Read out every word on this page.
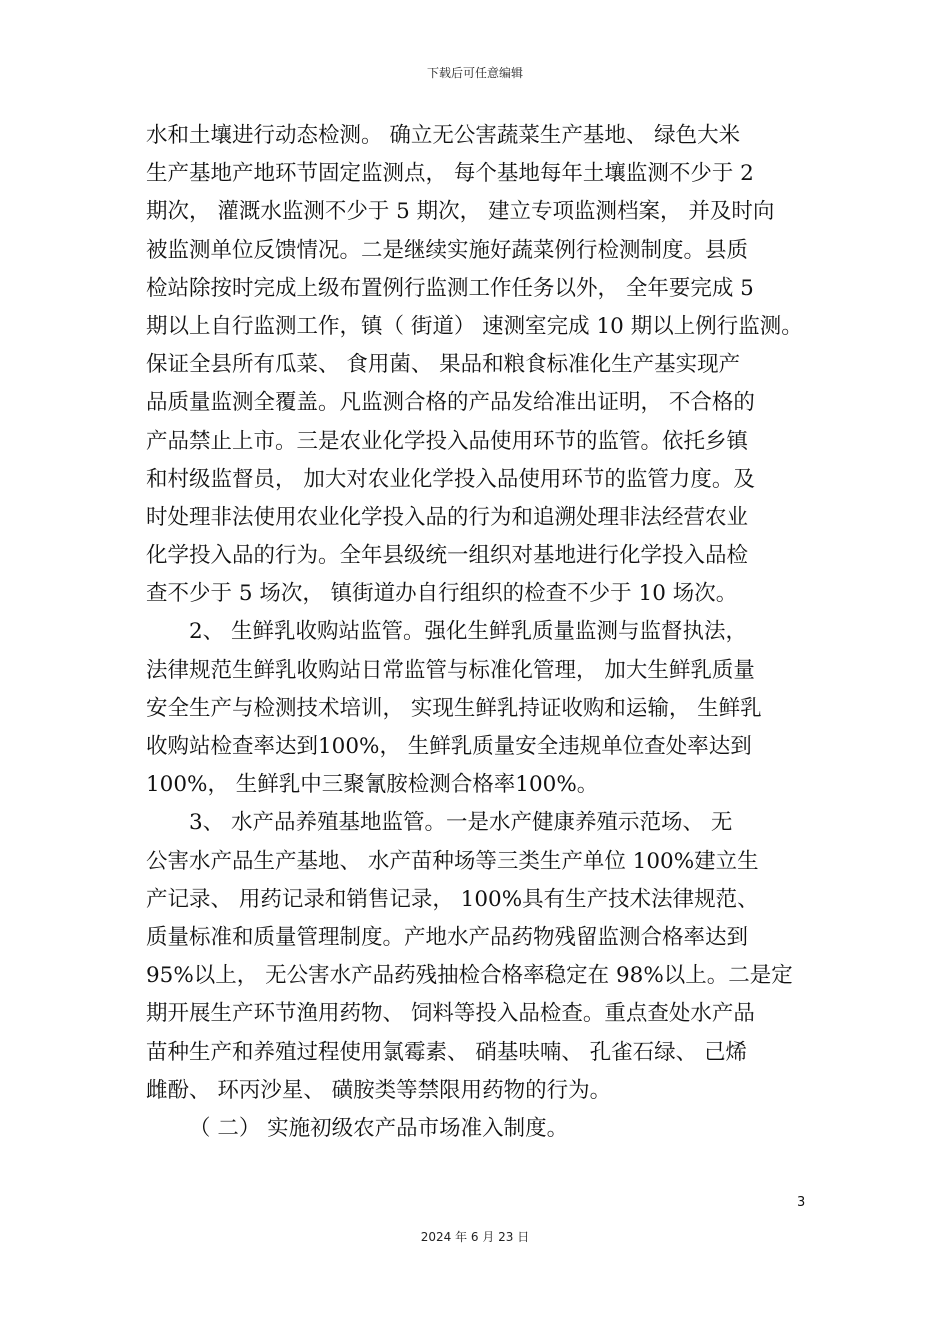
下载后可任意编辑
水和土壤进行动态检测。 确立无公害蔬菜生产基地、 绿色大米
生产基地产地环节固定监测点， 每个基地每年土壤监测不少于 2
期次， 灌溉水监测不少于 5 期次， 建立专项监测档案， 并及时向
被监测单位反馈情况。二是继续实施好蔬菜例行检测制度。县质
检站除按时完成上级布置例行监测工作任务以外， 全年要完成 5
期以上自行监测工作，镇（ 街道） 速测室完成 10 期以上例行监测。
保证全县所有瓜菜、 食用菌、 果品和粮食标准化生产基实现产
品质量监测全覆盖。凡监测合格的产品发给准出证明， 不合格的
产品禁止上市。三是农业化学投入品使用环节的监管。依托乡镇
和村级监督员， 加大对农业化学投入品使用环节的监管力度。及
时处理非法使用农业化学投入品的行为和追溯处理非法经营农业
化学投入品的行为。全年县级统一组织对基地进行化学投入品检
查不少于 5 场次， 镇街道办自行组织的检查不少于 10 场次。
2、 生鲜乳收购站监管。强化生鲜乳质量监测与监督执法，
法律规范生鲜乳收购站日常监管与标准化管理， 加大生鲜乳质量
安全生产与检测技术培训， 实现生鲜乳持证收购和运输， 生鲜乳
收购站检查率达到100%， 生鲜乳质量安全违规单位查处率达到
100%， 生鲜乳中三聚氰胺检测合格率100%。
3、 水产品养殖基地监管。一是水产健康养殖示范场、 无
公害水产品生产基地、 水产苗种场等三类生产单位 100%建立生
产记录、 用药记录和销售记录， 100%具有生产技术法律规范、
质量标准和质量管理制度。产地水产品药物残留监测合格率达到
95%以上， 无公害水产品药残抽检合格率稳定在 98%以上。二是定
期开展生产环节渔用药物、 饲料等投入品检查。重点查处水产品
苗种生产和养殖过程使用氯霉素、 硝基呋喃、 孔雀石绿、 己烯
雌酚、 环丙沙星、 磺胺类等禁限用药物的行为。
（ 二） 实施初级农产品市场准入制度。
3
2024 年 6 月 23 日
